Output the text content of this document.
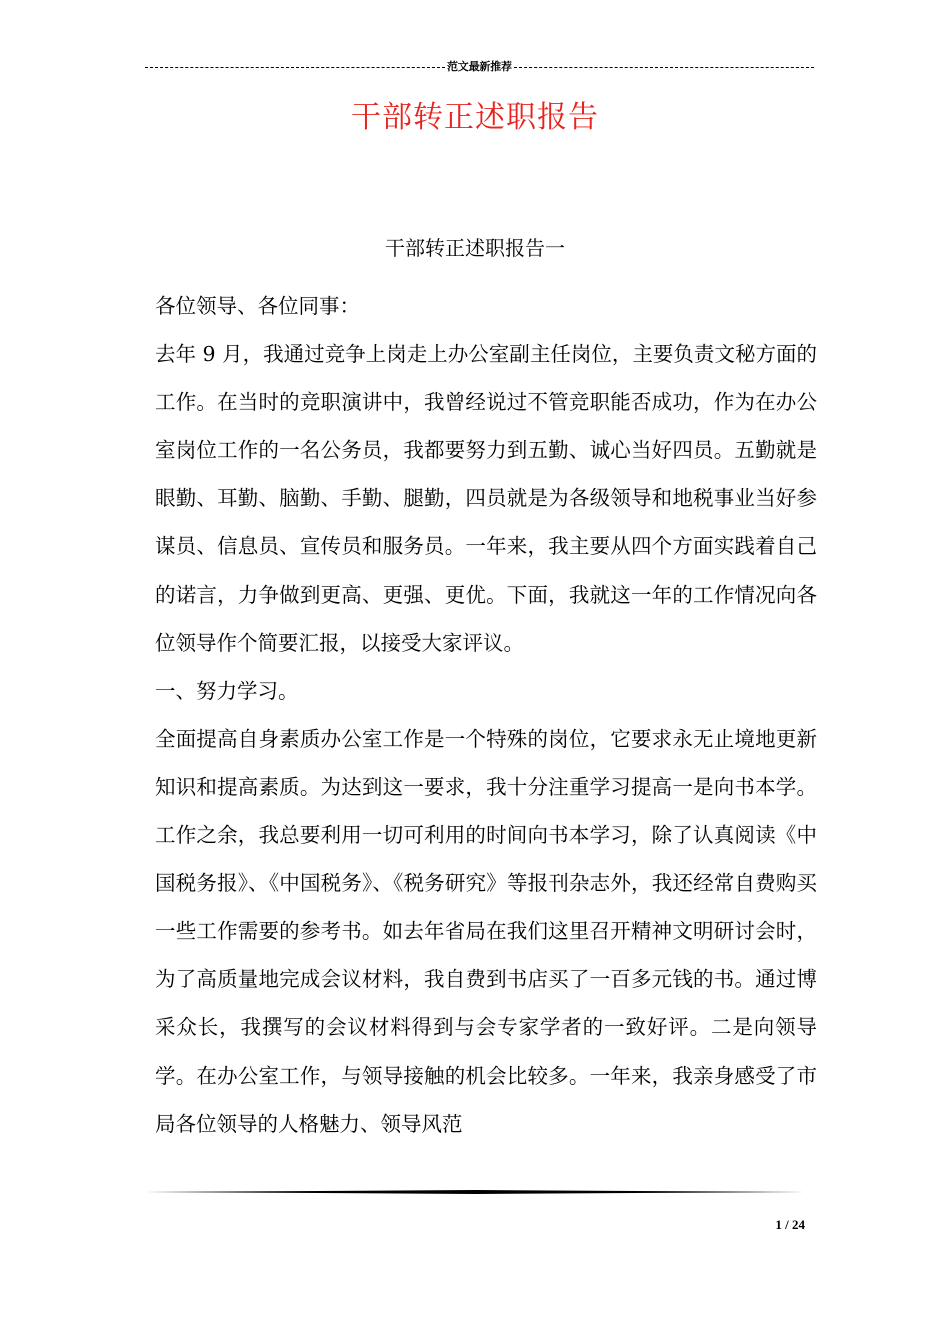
范文最新推荐
干部转正述职报告
干部转正述职报告一

各位领导、各位同事：

去年 9 月，我通过竞争上岗走上办公室副主任岗位，主要负责文秘方面的工作。在当时的竞职演讲中，我曾经说过不管竞职能否成功，作为在办公室岗位工作的一名公务员，我都要努力到五勤、诚心当好四员。五勤就是眼勤、耳勤、脑勤、手勤、腿勤，四员就是为各级领导和地税事业当好参谋员、信息员、宣传员和服务员。一年来，我主要从四个方面实践着自己的诺言，力争做到更高、更强、更优。下面，我就这一年的工作情况向各位领导作个简要汇报，以接受大家评议。

一、努力学习。

全面提高自身素质办公室工作是一个特殊的岗位，它要求永无止境地更新知识和提高素质。为达到这一要求，我十分注重学习提高一是向书本学。工作之余，我总要利用一切可利用的时间向书本学习，除了认真阅读《中国税务报》、《中国税务》、《税务研究》等报刊杂志外，我还经常自费购买一些工作需要的参考书。如去年省局在我们这里召开精神文明研讨会时，为了高质量地完成会议材料，我自费到书店买了一百多元钱的书。通过博采众长，我撰写的会议材料得到与会专家学者的一致好评。二是向领导学。在办公室工作，与领导接触的机会比较多。一年来，我亲身感受了市局各位领导的人格魅力、领导风范

1 / 24
